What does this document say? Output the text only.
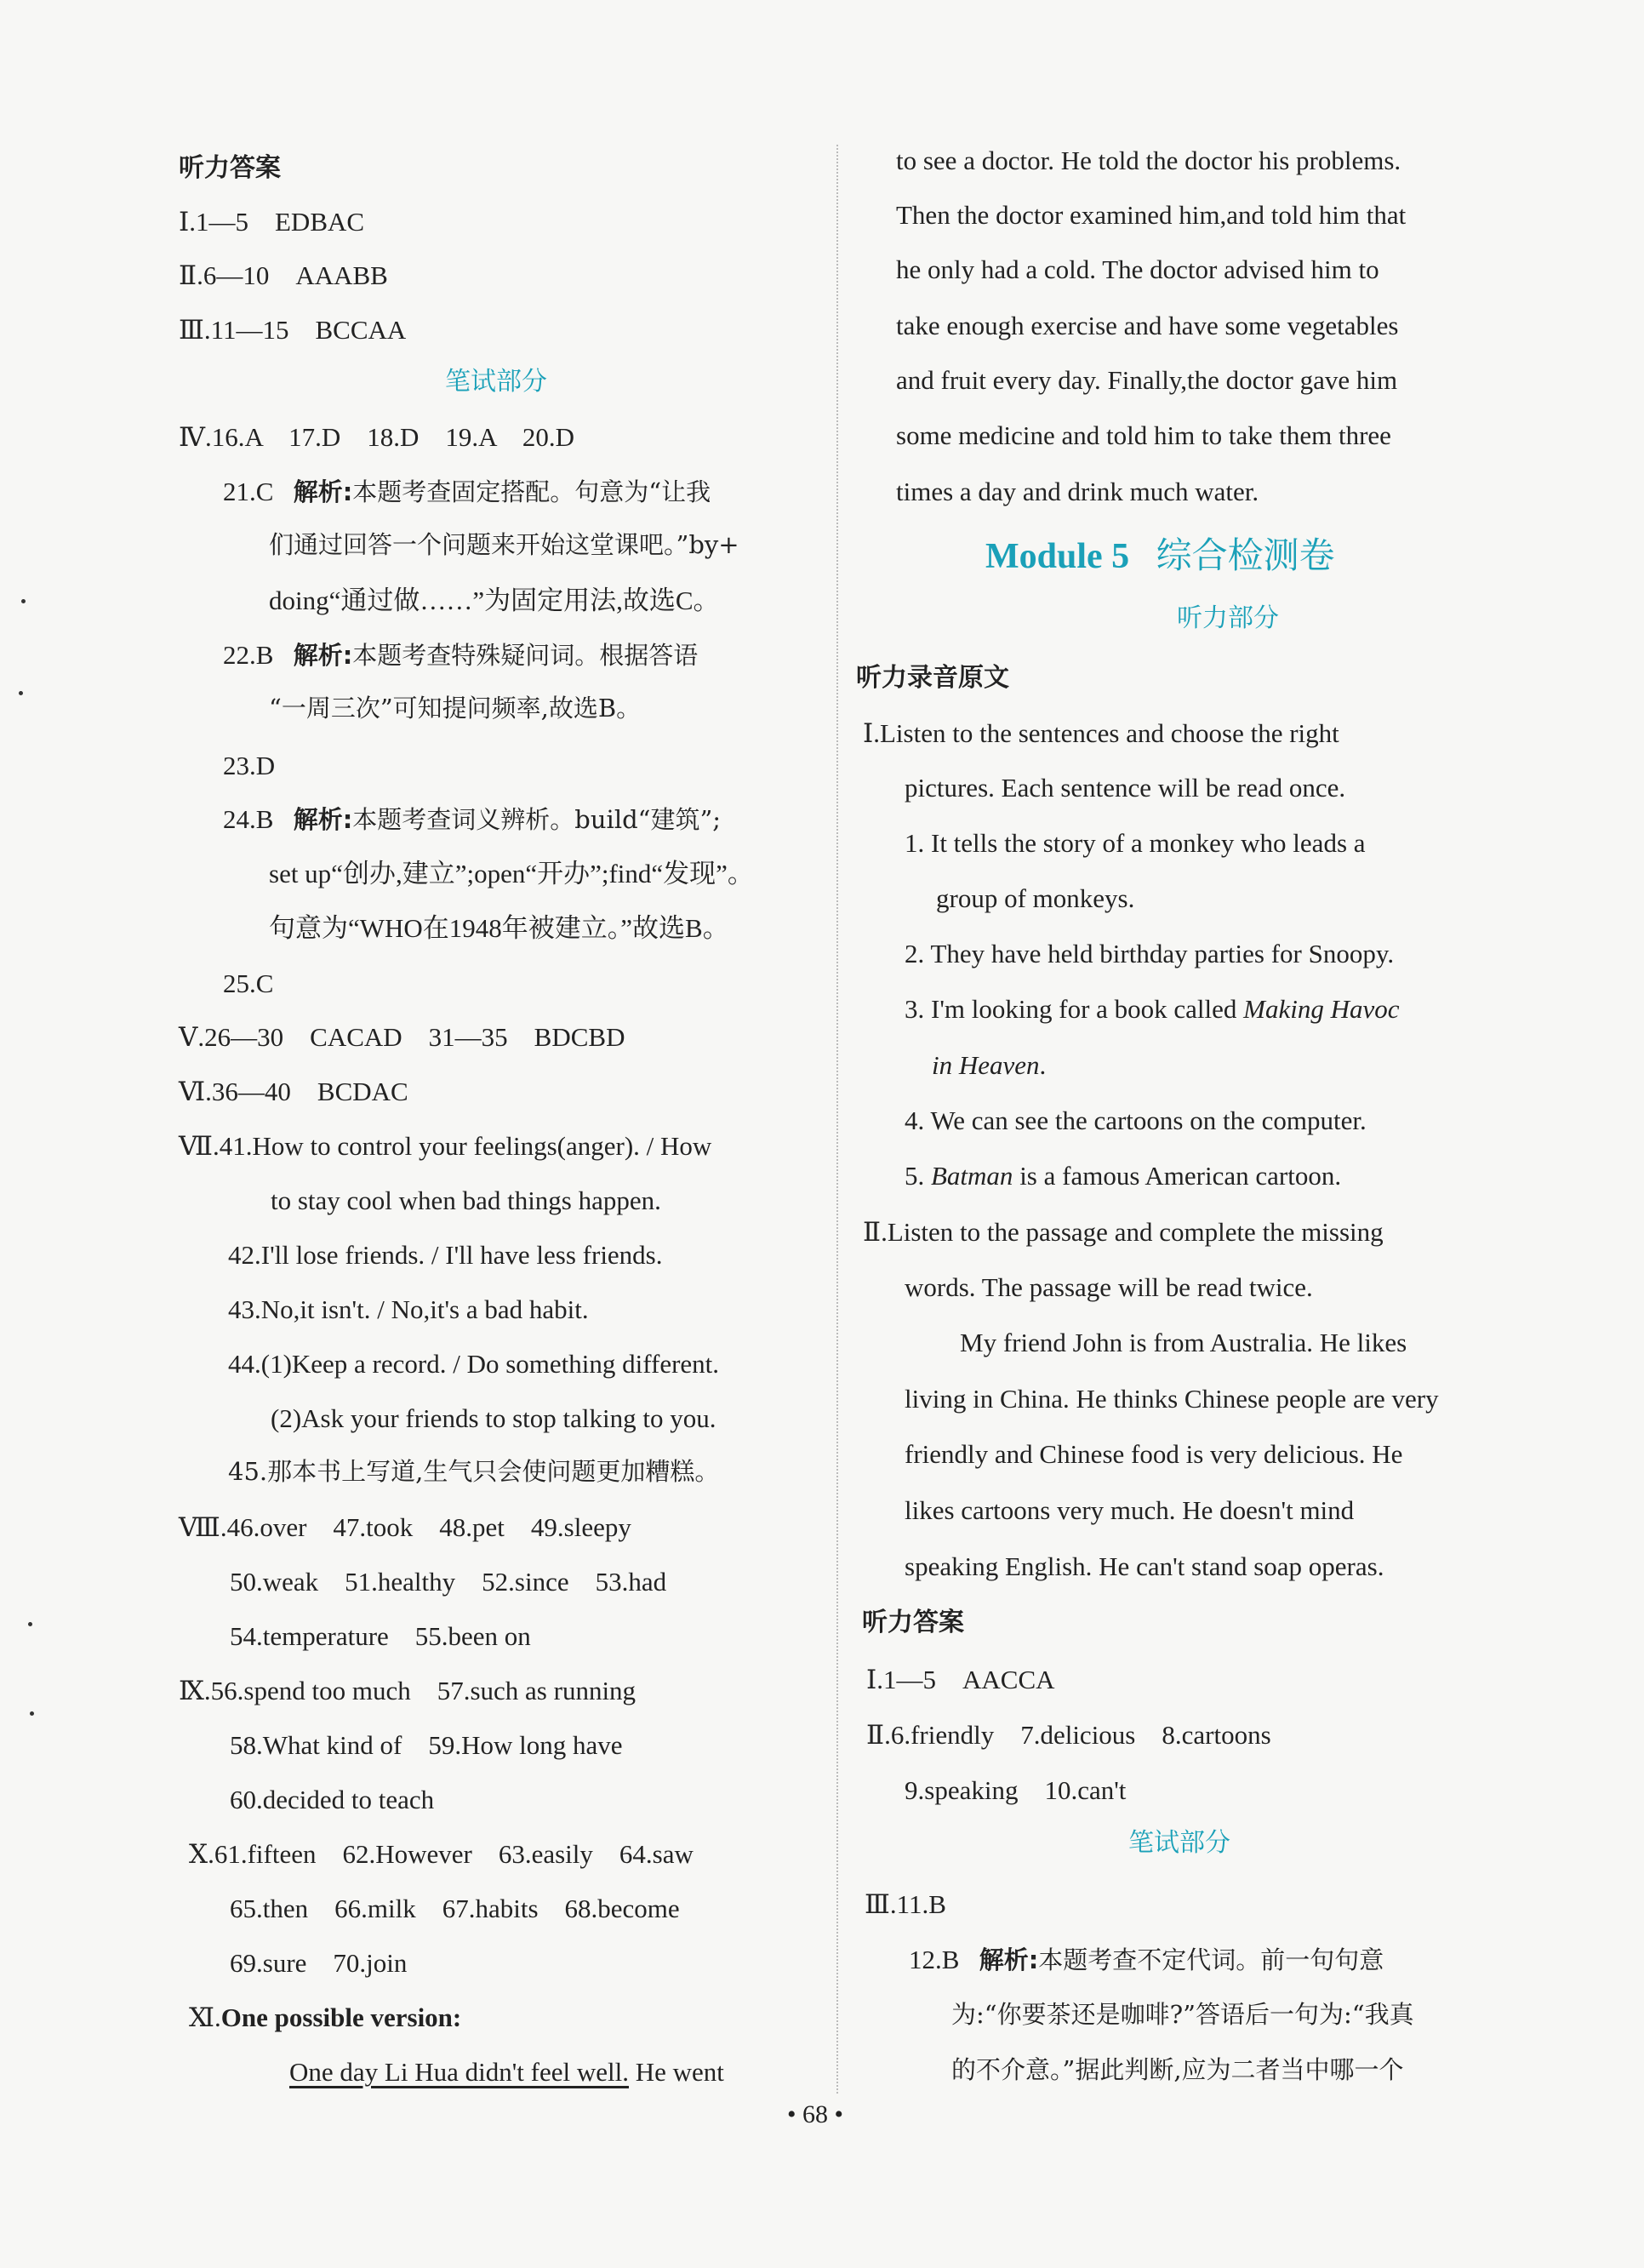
听力答案
Ⅰ.1—5　EDBAC
Ⅱ.6—10　AAABB
Ⅲ.11—15　BCCAA
笔试部分
Ⅳ.16.A　17.D　18.D　19.A　20.D
21.C 解析:本题考查固定搭配。句意为“让我
们通过回答一个问题来开始这堂课吧。”by+
doing“通过做……”为固定用法,故选C。
22.B 解析:本题考查特殊疑问词。根据答语
“一周三次”可知提问频率,故选B。
23.D
24.B 解析:本题考查词义辨析。build“建筑”;
set up“创办,建立”;open“开办”;find“发现”。
句意为“WHO在1948年被建立。”故选B。
25.C
Ⅴ.26—30　CACAD　31—35　BDCBD
Ⅵ.36—40　BCDAC
Ⅶ.41.How to control your feelings(anger). / How
to stay cool when bad things happen.
42.I'll lose friends. / I'll have less friends.
43.No,it isn't. / No,it's a bad habit.
44.(1)Keep a record. / Do something different.
(2)Ask your friends to stop talking to you.
45.那本书上写道,生气只会使问题更加糟糕。
Ⅷ.46.over　47.took　48.pet　49.sleepy
50.weak　51.healthy　52.since　53.had
54.temperature　55.been on
Ⅸ.56.spend too much　57.such as running
58.What kind of　59.How long have
60.decided to teach
Ⅹ.61.fifteen　62.However　63.easily　64.saw
65.then　66.milk　67.habits　68.become
69.sure　70.join
Ⅺ.One possible version:
One day Li Hua didn't feel well. He went
to see a doctor. He told the doctor his problems.
Then the doctor examined him,and told him that
he only had a cold. The doctor advised him to
take enough exercise and have some vegetables
and fruit every day. Finally,the doctor gave him
some medicine and told him to take them three
times a day and drink much water.
Module 5 综合检测卷
听力部分
听力录音原文
Ⅰ.Listen to the sentences and choose the right
pictures. Each sentence will be read once.
1. It tells the story of a monkey who leads a
group of monkeys.
2. They have held birthday parties for Snoopy.
3. I'm looking for a book called Making Havoc
in Heaven.
4. We can see the cartoons on the computer.
5. Batman is a famous American cartoon.
Ⅱ.Listen to the passage and complete the missing
words. The passage will be read twice.
My friend John is from Australia. He likes
living in China. He thinks Chinese people are very
friendly and Chinese food is very delicious. He
likes cartoons very much. He doesn't mind
speaking English. He can't stand soap operas.
听力答案
Ⅰ.1—5　AACCA
Ⅱ.6.friendly　7.delicious　8.cartoons
9.speaking　10.can't
笔试部分
Ⅲ.11.B
12.B 解析:本题考查不定代词。前一句句意
为:“你要茶还是咖啡?”答语后一句为:“我真
的不介意。”据此判断,应为二者当中哪一个
• 68 •
